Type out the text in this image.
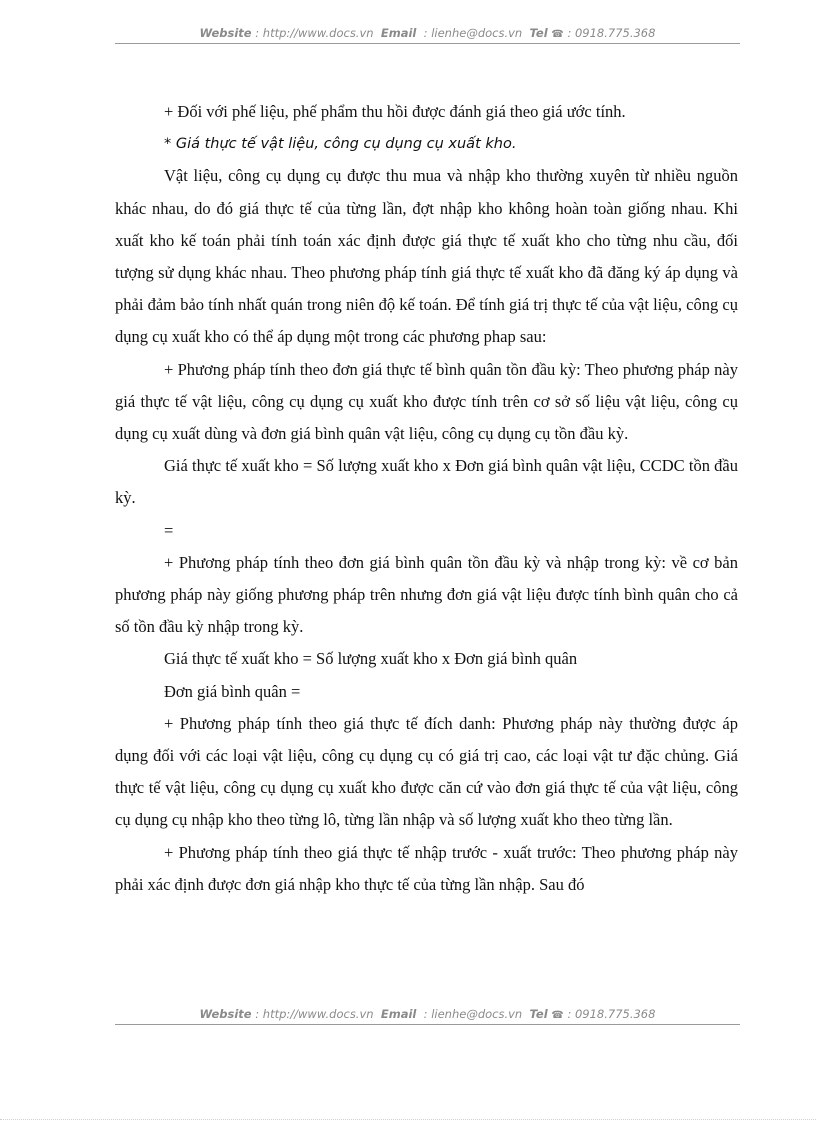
Website : http://www.docs.vn Email : lienhe@docs.vn Tel ☎ : 0918.775.368

+ Đối với phế liệu, phế phẩm thu hồi được đánh giá theo giá ước tính.

* Giá thực tế vật liệu, công cụ dụng cụ xuất kho.

Vật liệu, công cụ dụng cụ được thu mua và nhập kho thường xuyên từ nhiều nguồn khác nhau, do đó giá thực tế của từng lần, đợt nhập kho không hoàn toàn giống nhau. Khi xuất kho kế toán phải tính toán xác định được giá thực tế xuất kho cho từng nhu cầu, đối tượng sử dụng khác nhau. Theo phương pháp tính giá thực tế xuất kho đã đăng ký áp dụng và phải đảm bảo tính nhất quán trong niên độ kế toán. Để tính giá trị thực tế của vật liệu, công cụ dụng cụ xuất kho có thể áp dụng một trong các phương phap sau:

+ Phương pháp tính theo đơn giá thực tế bình quân tồn đầu kỳ: Theo phương pháp này giá thực tế vật liệu, công cụ dụng cụ xuất kho được tính trên cơ sở số liệu vật liệu, công cụ dụng cụ xuất dùng và đơn giá bình quân vật liệu, công cụ dụng cụ tồn đầu kỳ.

Giá thực tế xuất kho = Số lượng xuất kho x Đơn giá bình quân vật liệu, CCDC tồn đầu kỳ.

=

+ Phương pháp tính theo đơn giá bình quân tồn đầu kỳ và nhập trong kỳ: về cơ bản phương pháp này giống phương pháp trên nhưng đơn giá vật liệu được tính bình quân cho cả số tồn đầu kỳ nhập trong kỳ.

Giá thực tế xuất kho = Số lượng xuất kho x Đơn giá bình quân

Đơn giá bình quân =

+ Phương pháp tính theo giá thực tế đích danh: Phương pháp này thường được áp dụng đối với các loại vật liệu, công cụ dụng cụ có giá trị cao, các loại vật tư đặc chủng. Giá thực tế vật liệu, công cụ dụng cụ xuất kho được căn cứ vào đơn giá thực tế của vật liệu, công cụ dụng cụ nhập kho theo từng lô, từng lần nhập và số lượng xuất kho theo từng lần.

+ Phương pháp tính theo giá thực tế nhập trước - xuất trước: Theo phương pháp này phải xác định được đơn giá nhập kho thực tế của từng lần nhập. Sau đó

Website : http://www.docs.vn Email : lienhe@docs.vn Tel ☎ : 0918.775.368
